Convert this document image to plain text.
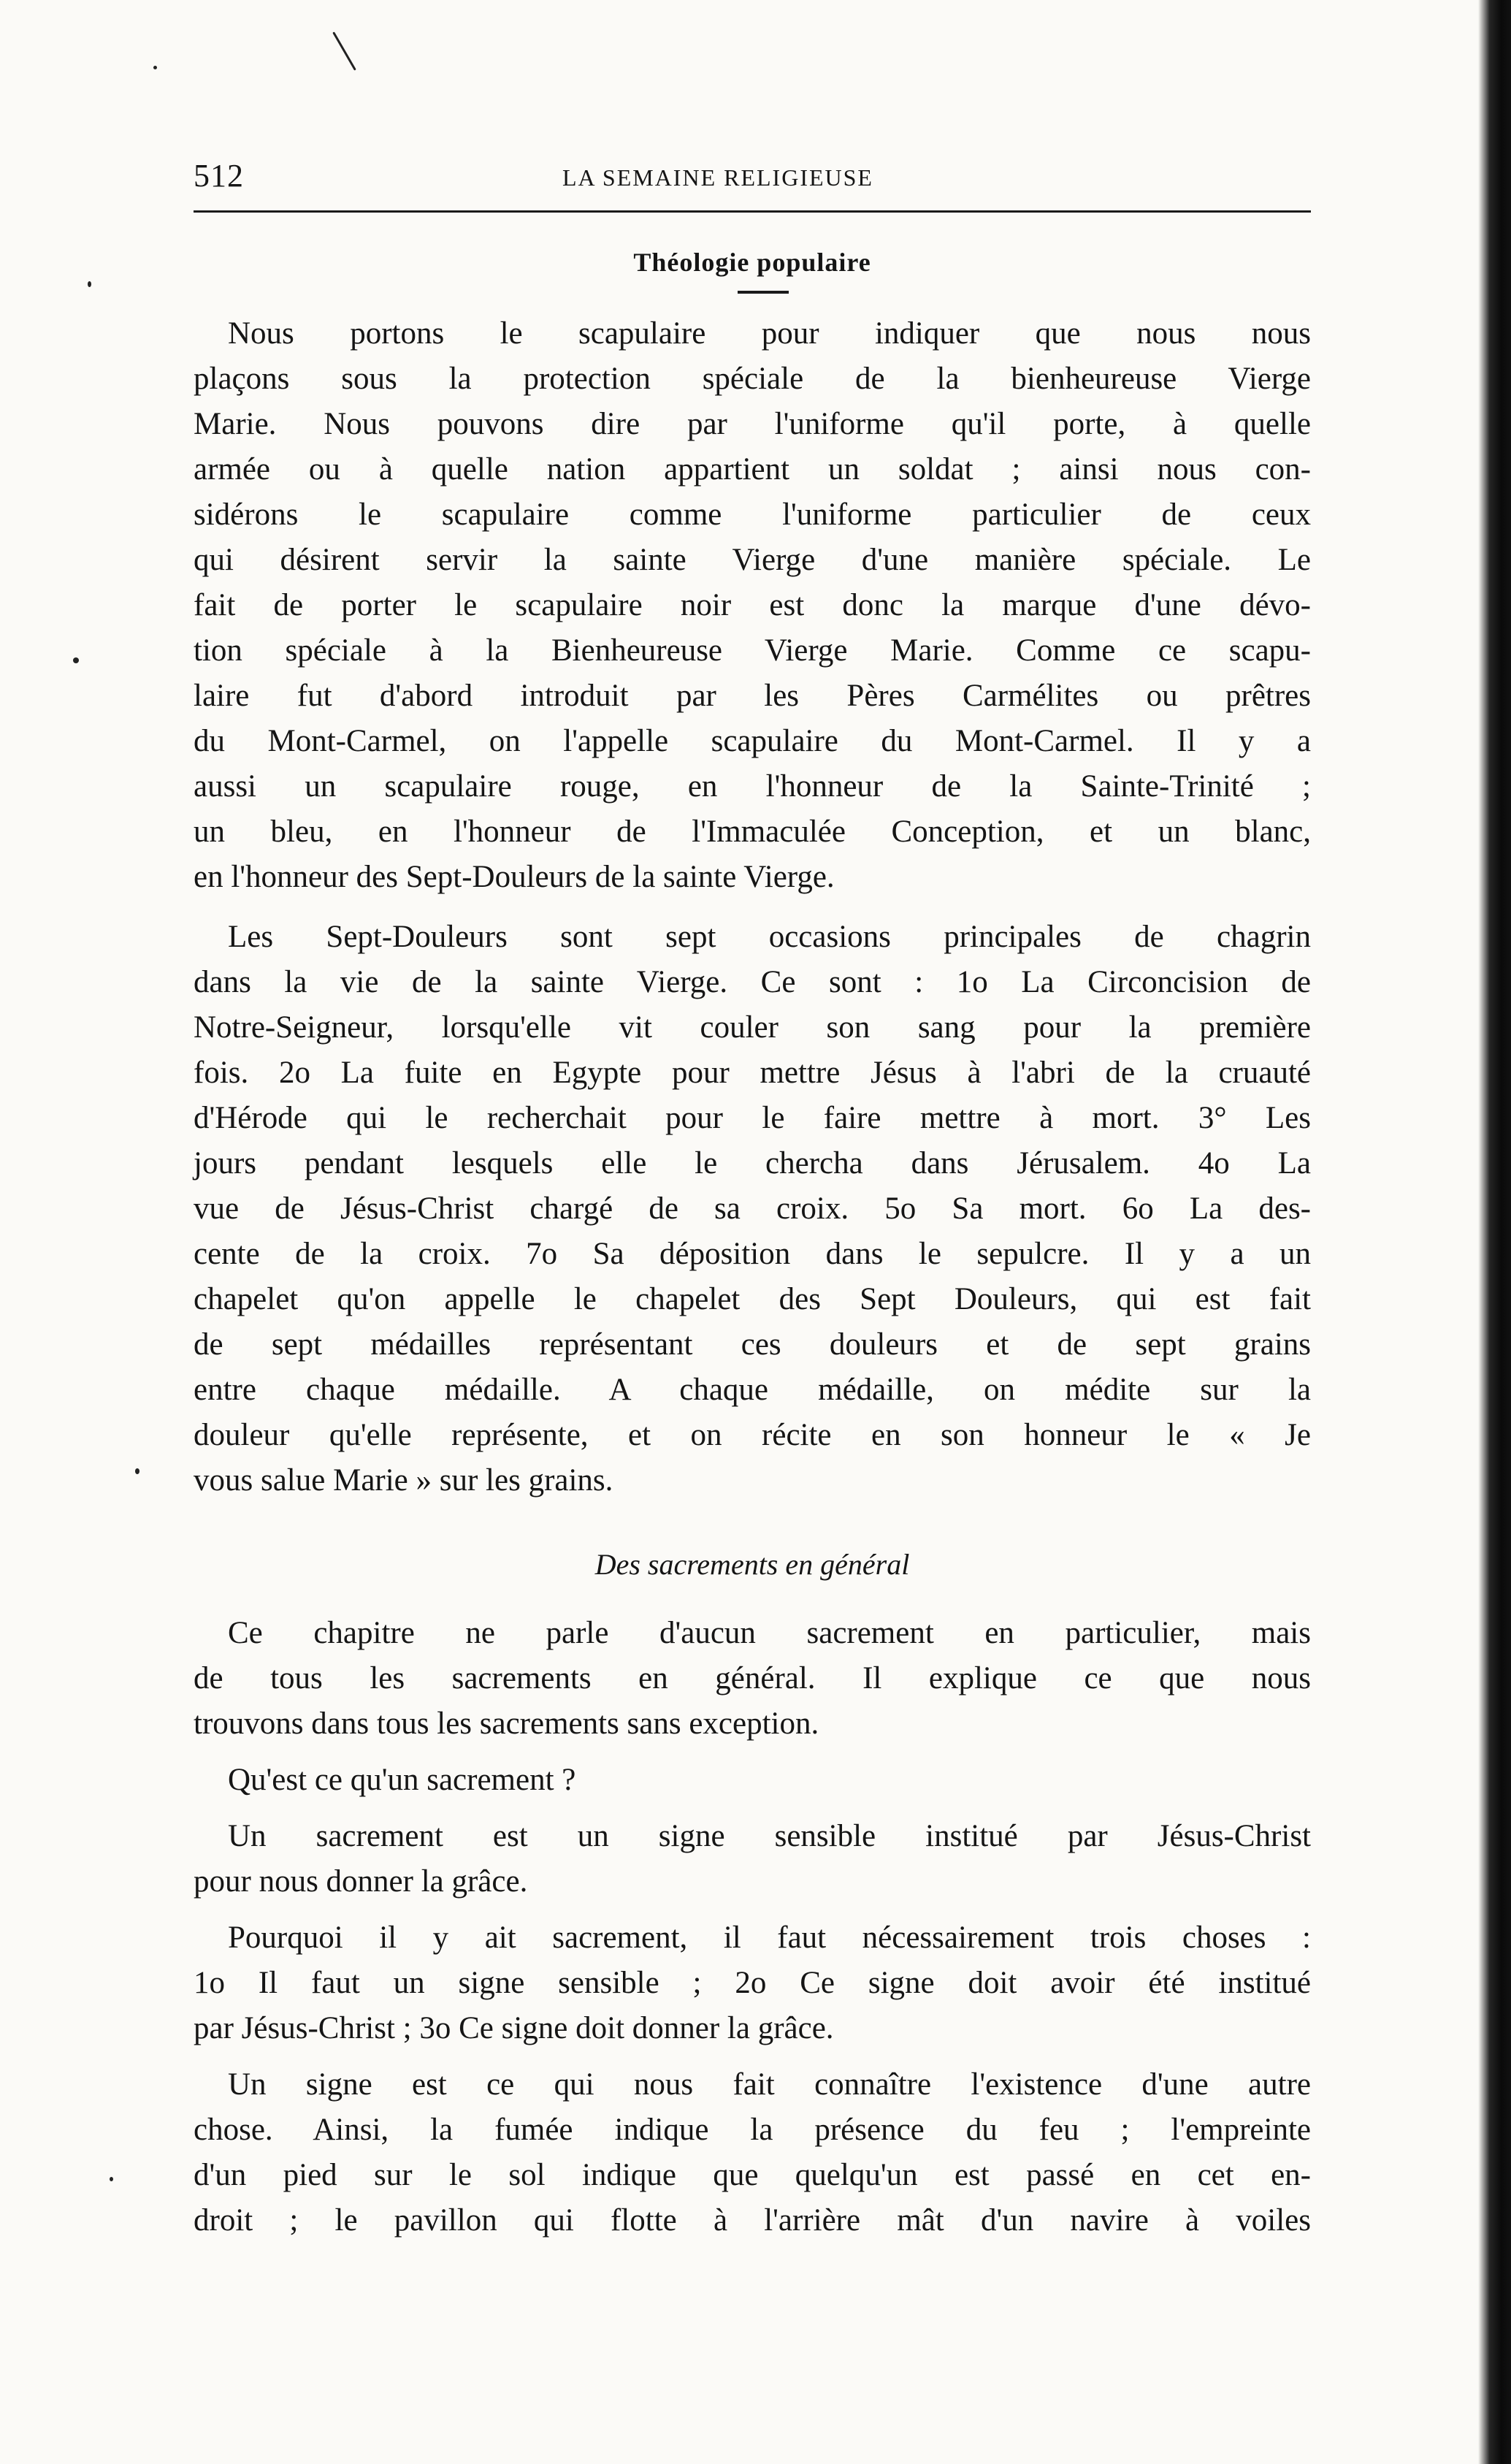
512	LA SEMAINE RELIGIEUSE
Théologie populaire
Nous portons le scapulaire pour indiquer que nous nous
plaçons sous la protection spéciale de la bienheureuse Vierge
Marie. Nous pouvons dire par l'uniforme qu'il porte, à quelle
armée ou à quelle nation appartient un soldat ; ainsi nous con-
sidérons le scapulaire comme l'uniforme particulier de ceux
qui désirent servir la sainte Vierge d'une manière spéciale. Le
fait de porter le scapulaire noir est donc la marque d'une dévo-
tion spéciale à la Bienheureuse Vierge Marie. Comme ce scapu-
laire fut d'abord introduit par les Pères Carmélites ou prêtres
du Mont-Carmel, on l'appelle scapulaire du Mont-Carmel. Il y a
aussi un scapulaire rouge, en l'honneur de la Sainte-Trinité ;
un bleu, en l'honneur de l'Immaculée Conception, et un blanc,
en l'honneur des Sept-Douleurs de la sainte Vierge.
Les Sept-Douleurs sont sept occasions principales de chagrin
dans la vie de la sainte Vierge. Ce sont : 1o La Circoncision de
Notre-Seigneur, lorsqu'elle vit couler son sang pour la première
fois. 2o La fuite en Egypte pour mettre Jésus à l'abri de la cruauté
d'Hérode qui le recherchait pour le faire mettre à mort. 3° Les
jours pendant lesquels elle le chercha dans Jérusalem. 4o La
vue de Jésus-Christ chargé de sa croix. 5o Sa mort. 6o La des-
cente de la croix. 7o Sa déposition dans le sepulcre. Il y a un
chapelet qu'on appelle le chapelet des Sept Douleurs, qui est fait
de sept médailles représentant ces douleurs et de sept grains
entre chaque médaille. A chaque médaille, on médite sur la
douleur qu'elle représente, et on récite en son honneur le « Je
vous salue Marie » sur les grains.
Des sacrements en général
Ce chapitre ne parle d'aucun sacrement en particulier, mais
de tous les sacrements en général. Il explique ce que nous
trouvons dans tous les sacrements sans exception.
Qu'est ce qu'un sacrement ?
Un sacrement est un signe sensible institué par Jésus-Christ
pour nous donner la grâce.
Pourquoi il y ait sacrement, il faut nécessairement trois choses :
1o Il faut un signe sensible ; 2o Ce signe doit avoir été institué
par Jésus-Christ ; 3o Ce signe doit donner la grâce.
Un signe est ce qui nous fait connaître l'existence d'une autre
chose. Ainsi, la fumée indique la présence du feu ; l'empreinte
d'un pied sur le sol indique que quelqu'un est passé en cet en-
droit ; le pavillon qui flotte à l'arrière mât d'un navire à voiles
